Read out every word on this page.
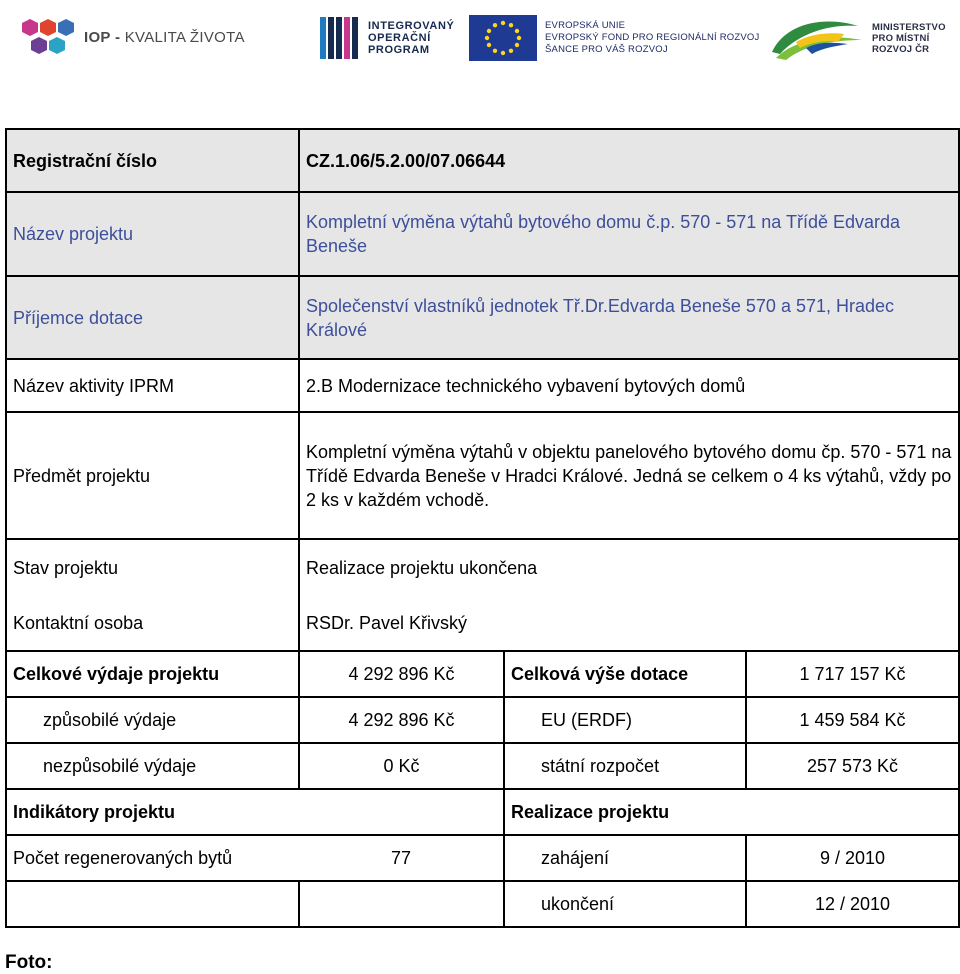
IOP - KVALITA ŽIVOTA
INTEGROVANÝ
OPERAČNÍ
PROGRAM
EVROPSKÁ UNIE
EVROPSKÝ FOND PRO REGIONÁLNÍ ROZVOJ
ŠANCE PRO VÁŠ ROZVOJ
MINISTERSTVO
PRO MÍSTNÍ
ROZVOJ ČR
Registrační číslo	CZ.1.06/5.2.00/07.06644		
Název projektu	Kompletní výměna výtahů bytového domu č.p. 570 - 571 na Třídě Edvarda Beneše		
Příjemce dotace	Společenství vlastníků jednotek Tř.Dr.Edvarda Beneše 570 a 571, Hradec Králové		
Název aktivity IPRM	2.B Modernizace technického vybavení bytových domů		
Předmět projektu	Kompletní výměna výtahů v objektu panelového bytového domu čp. 570 - 571 na Třídě Edvarda Beneše v Hradci Králové. Jedná se celkem o 4 ks výtahů, vždy po 2 ks v každém vchodě.		
Stav projektu	Realizace projektu ukončena		
Kontaktní osoba	RSDr. Pavel Křivský		
Celkové výdaje projektu	4 292 896 Kč	Celková výše dotace	1 717 157 Kč
způsobilé výdaje	4 292 896 Kč	EU (ERDF)	1 459 584 Kč
nezpůsobilé výdaje	0 Kč	státní rozpočet	257 573 Kč
Indikátory projektu		Realizace projektu	
Počet regenerovaných bytů	77	zahájení	9 / 2010
		ukončení	12 / 2010
Foto:
